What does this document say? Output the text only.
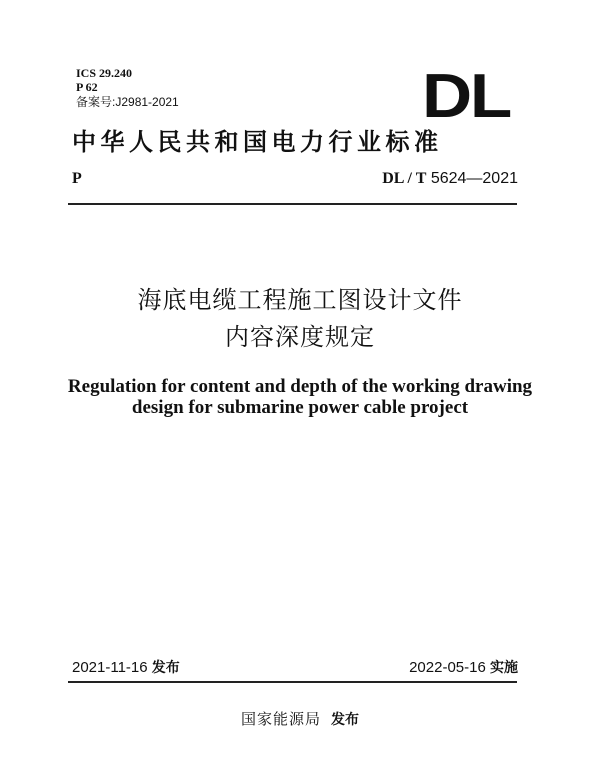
ICS 29.240
P 62
备案号:J2981-2021	DL
中华人民共和国电力行业标准
P	DL / T 5624—2021
海底电缆工程施工图设计文件
内容深度规定
Regulation for content and depth of the working drawing
design for submarine power cable project
2021-11-16 发布	2022-05-16 实施
国家能源局 发布
